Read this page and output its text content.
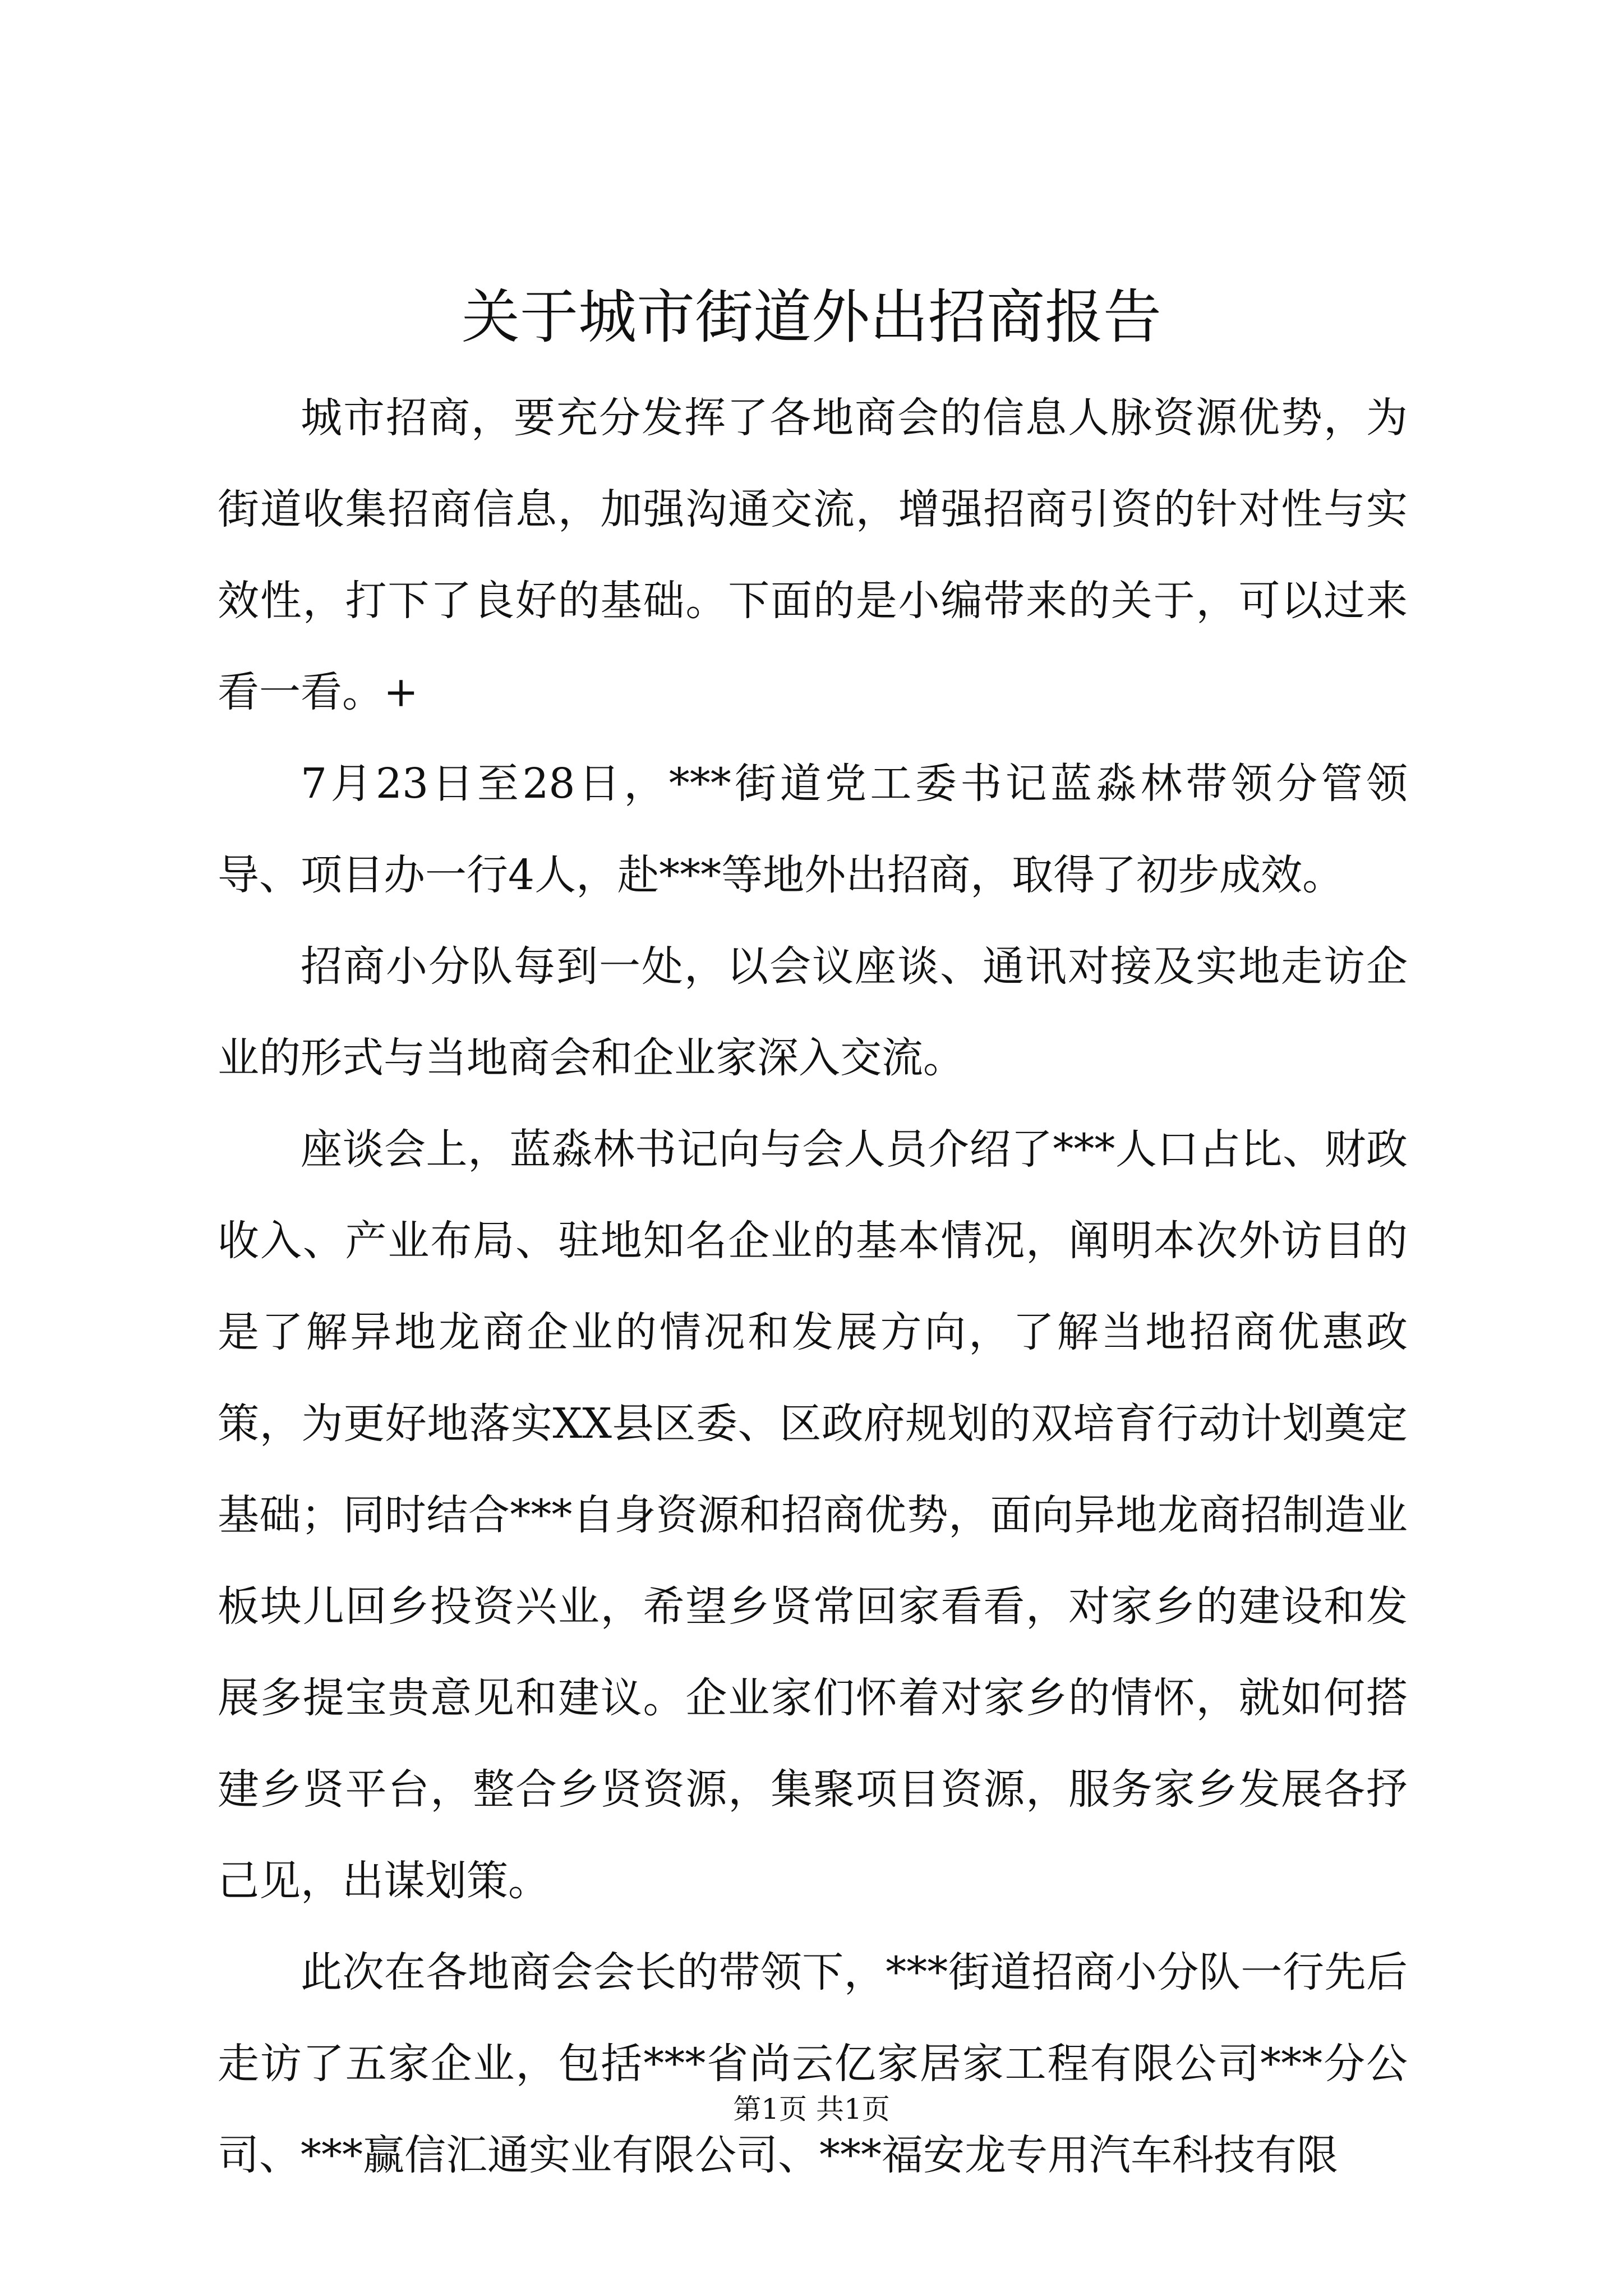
关于城市街道外出招商报告

城市招商，要充分发挥了各地商会的信息人脉资源优势，为街道收集招商信息，加强沟通交流，增强招商引资的针对性与实效性，打下了良好的基础。下面的是小编带来的关于，可以过来看一看。+

7月23日至28日，***街道党工委书记蓝淼林带领分管领导、项目办一行4人，赴***等地外出招商，取得了初步成效。

招商小分队每到一处，以会议座谈、通讯对接及实地走访企业的形式与当地商会和企业家深入交流。

座谈会上，蓝淼林书记向与会人员介绍了***人口占比、财政收入、产业布局、驻地知名企业的基本情况，阐明本次外访目的是了解异地龙商企业的情况和发展方向，了解当地招商优惠政策，为更好地落实XX县区委、区政府规划的双培育行动计划奠定基础；同时结合***自身资源和招商优势，面向异地龙商招制造业板块儿回乡投资兴业，希望乡贤常回家看看，对家乡的建设和发展多提宝贵意见和建议。企业家们怀着对家乡的情怀，就如何搭建乡贤平台，整合乡贤资源，集聚项目资源，服务家乡发展各抒己见，出谋划策。

此次在各地商会会长的带领下，***街道招商小分队一行先后走访了五家企业，包括***省尚云亿家居家工程有限公司***分公司、***赢信汇通实业有限公司、***福安龙专用汽车科技有限

第1页 共1页
